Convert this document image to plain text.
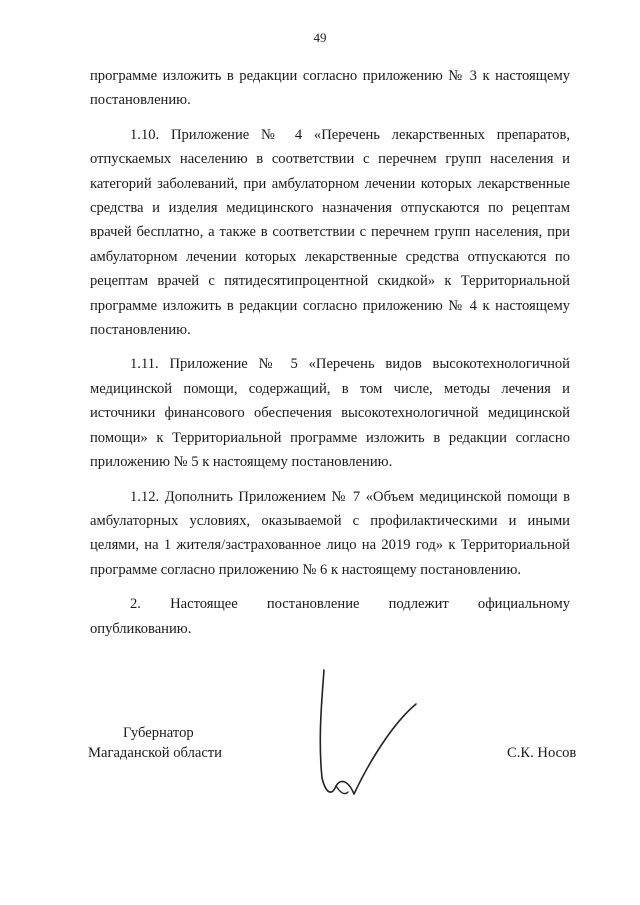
49

программе изложить в редакции согласно приложению № 3 к настоящему постановлению.

1.10. Приложение № 4 «Перечень лекарственных препаратов, отпускаемых населению в соответствии с перечнем групп населения и категорий заболеваний, при амбулаторном лечении которых лекарственные средства и изделия медицинского назначения отпускаются по рецептам врачей бесплатно, а также в соответствии с перечнем групп населения, при амбулаторном лечении которых лекарственные средства отпускаются по рецептам врачей с пятидесятипроцентной скидкой» к Территориальной программе изложить в редакции согласно приложению № 4 к настоящему постановлению.

1.11. Приложение № 5 «Перечень видов высокотехнологичной медицинской помощи, содержащий, в том числе, методы лечения и источники финансового обеспечения высокотехнологичной медицинской помощи» к Территориальной программе изложить в редакции согласно приложению № 5 к настоящему постановлению.

1.12. Дополнить Приложением № 7 «Объем медицинской помощи в амбулаторных условиях, оказываемой с профилактическими и иными целями, на 1 жителя/застрахованное лицо на 2019 год» к Территориальной программе согласно приложению № 6 к настоящему постановлению.

2. Настоящее постановление подлежит официальному опубликованию.

Губернатор
Магаданской области	С.К. Носов
